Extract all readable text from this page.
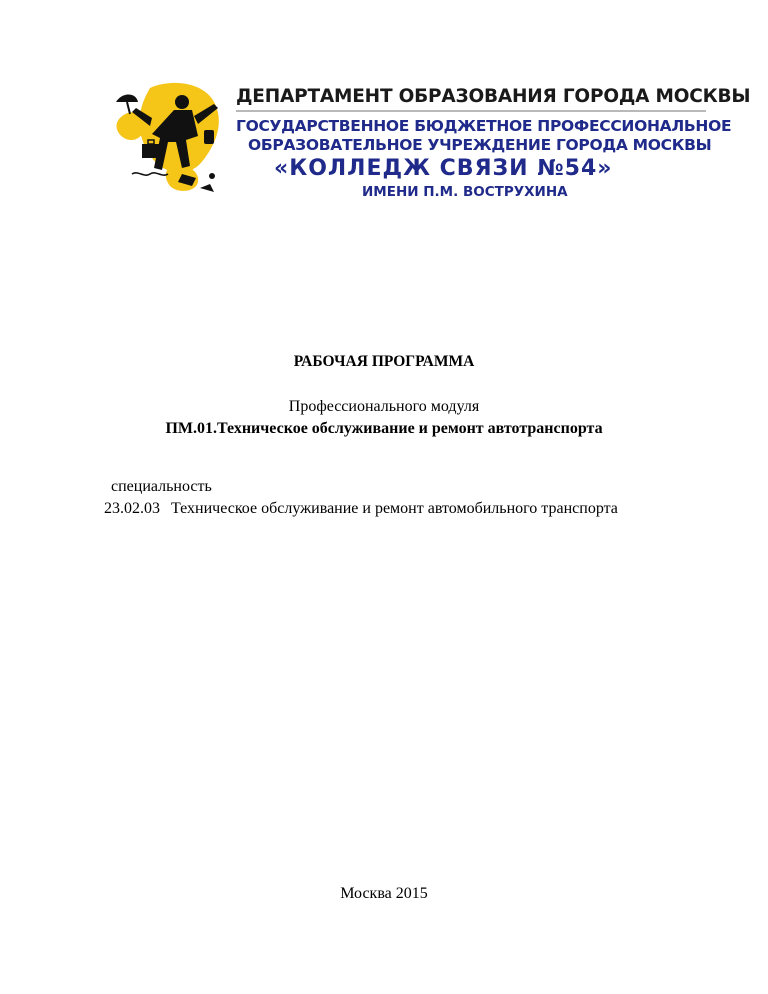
ДЕПАРТАМЕНТ ОБРАЗОВАНИЯ ГОРОДА МОСКВЫ
ГОСУДАРСТВЕННОЕ БЮДЖЕТНОЕ ПРОФЕССИОНАЛЬНОЕ
ОБРАЗОВАТЕЛЬНОЕ УЧРЕЖДЕНИЕ ГОРОДА МОСКВЫ
«КОЛЛЕДЖ СВЯЗИ №54»
ИМЕНИ П.М. ВОСТРУХИНА
РАБОЧАЯ ПРОГРАММА
Профессионального модуля
ПМ.01.Техническое обслуживание и ремонт автотранспорта
специальность
23.02.03 Техническое обслуживание и ремонт автомобильного транспорта
Москва 2015
